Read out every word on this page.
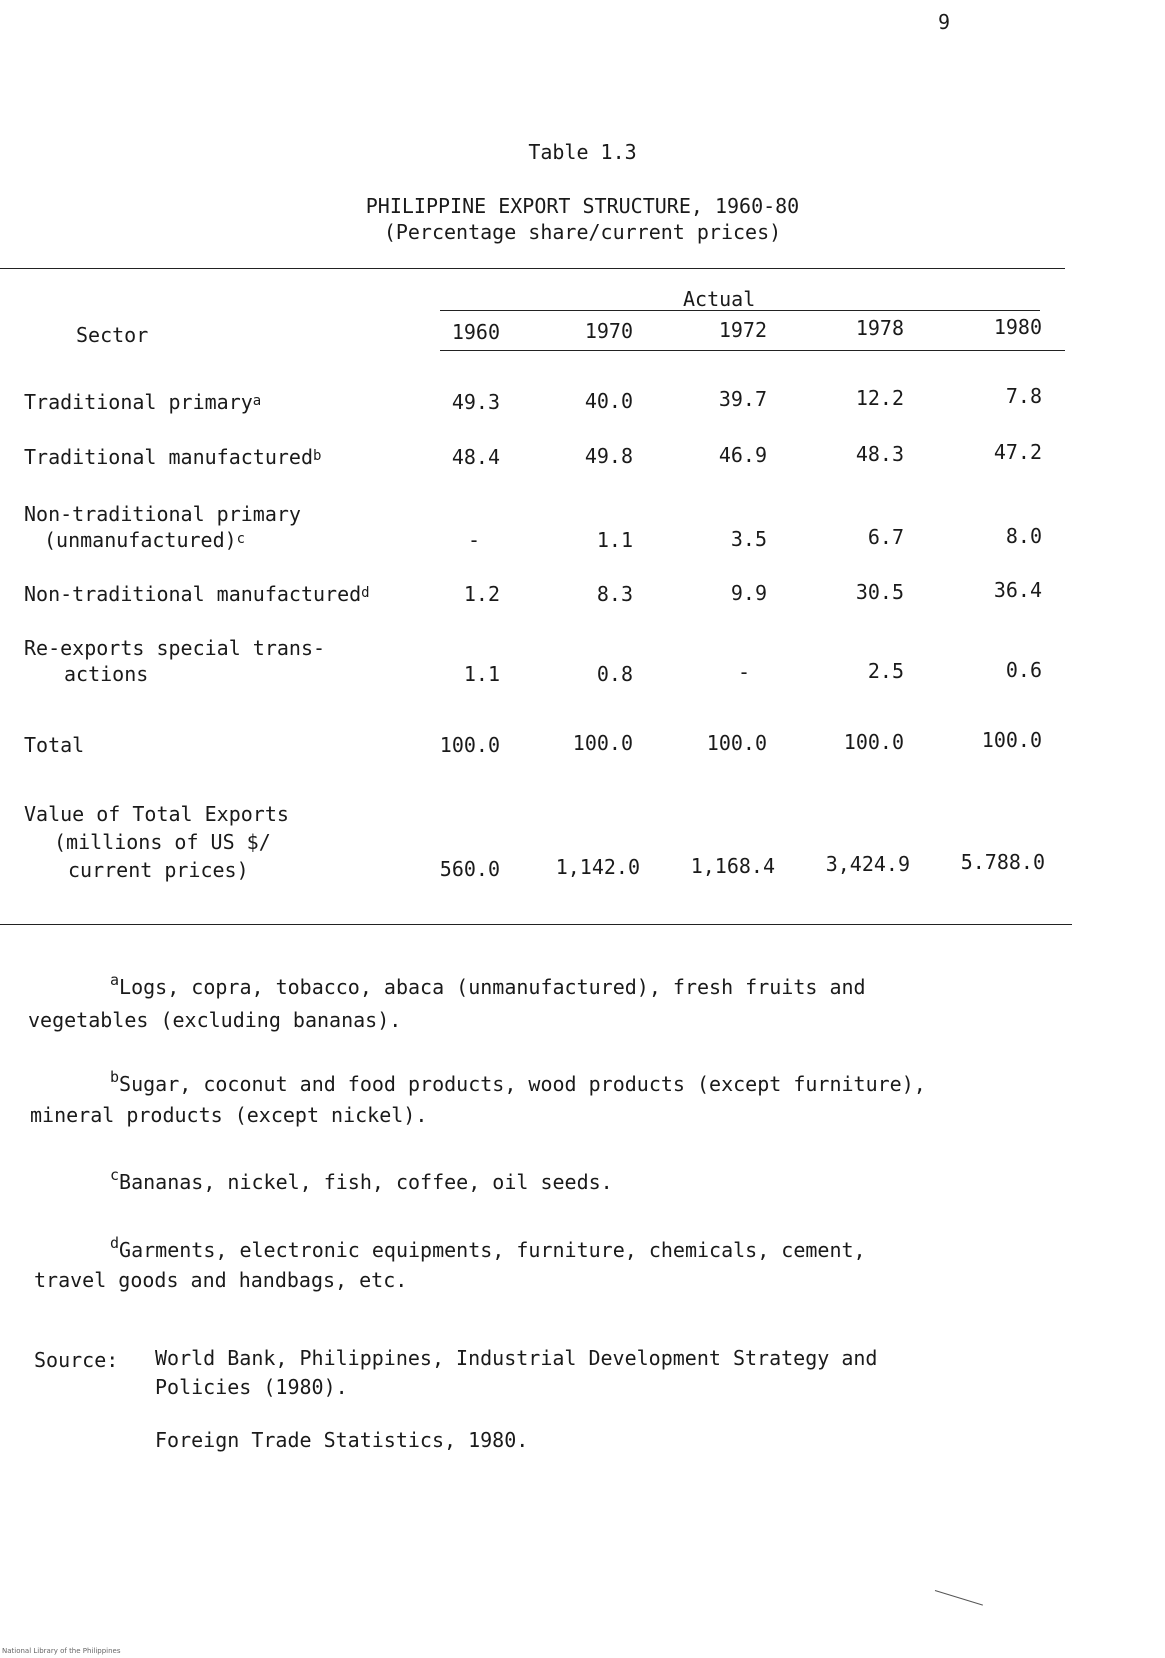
9
Table 1.3
PHILIPPINE EXPORT STRUCTURE, 1960-80
(Percentage share/current prices)
Actual
Sector	1960	1970	1972	1978	1980
Traditional primary$^a$	49.3	40.0	39.7	12.2	7.8
Traditional manufactured$^b$	48.4	49.8	46.9	48.3	47.2
Non-traditional primary
(unmanufactured)$^c$	-	1.1	3.5	6.7	8.0
Non-traditional manufactured$^d$	1.2	8.3	9.9	30.5	36.4
Re-exports special trans-
actions	1.1	0.8	-	2.5	0.6
Total	100.0	100.0	100.0	100.0	100.0
Value of Total Exports
(millions of US $/
current prices)	560.0	1,142.0	1,168.4	3,424.9	5.788.0
$^a$Logs, copra, tobacco, abaca (unmanufactured), fresh fruits and
vegetables (excluding bananas).
$^b$Sugar, coconut and food products, wood products (except furniture),
mineral products (except nickel).
$^c$Bananas, nickel, fish, coffee, oil seeds.
$^d$Garments, electronic equipments, furniture, chemicals, cement,
travel goods and handbags, etc.
Source: World Bank, Philippines, Industrial Development Strategy and
Policies (1980).
Foreign Trade Statistics, 1980.
National Library of the Philippines
